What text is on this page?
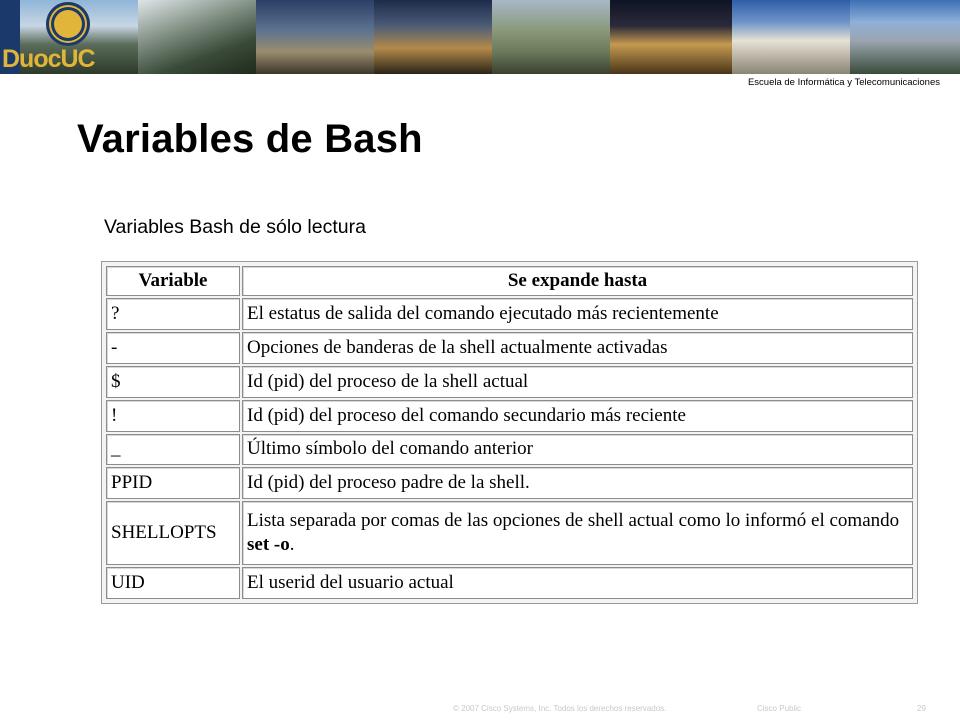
DuocUC
Escuela de Informática y Telecomunicaciones
Variables de Bash
Variables Bash de sólo lectura
Variable	Se expande hasta
?	El estatus de salida del comando ejecutado más recientemente
-	Opciones de banderas de la shell actualmente activadas
$	Id (pid) del proceso de la shell actual
!	Id (pid) del proceso del comando secundario más reciente
_	Último símbolo del comando anterior
PPID	Id (pid) del proceso padre de la shell.
SHELLOPTS	Lista separada por comas de las opciones de shell actual como lo informó el comando set -o.
UID	El userid del usuario actual
© 2007 Cisco Systems, Inc. Todos los derechos reservados.	Cisco Public	29
